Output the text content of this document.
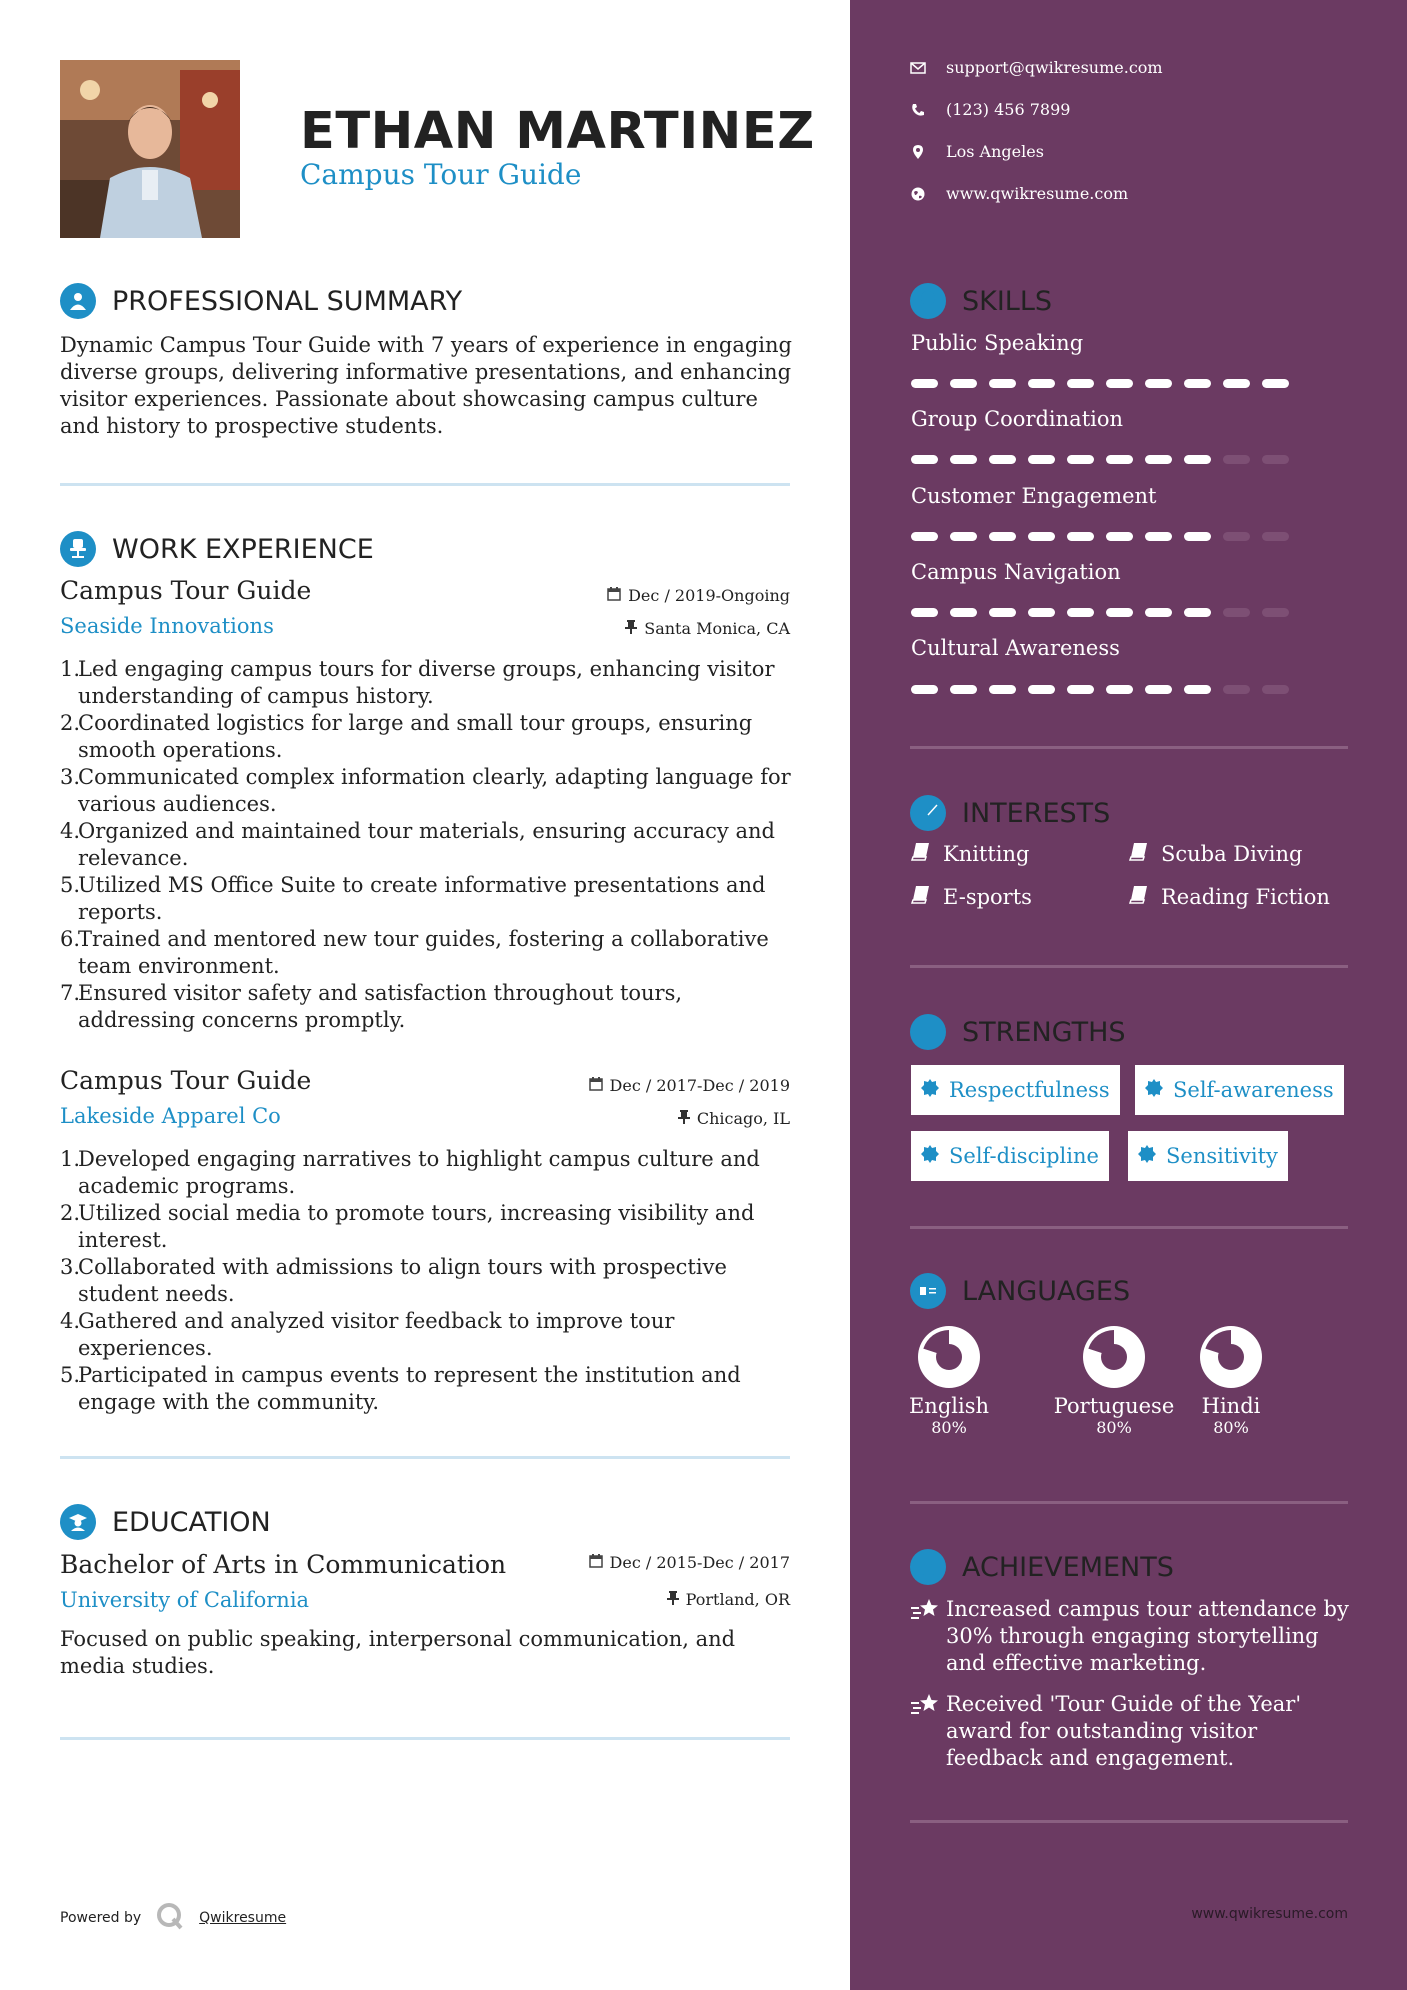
ETHAN MARTINEZ
Campus Tour Guide
PROFESSIONAL SUMMARY
Dynamic Campus Tour Guide with 7 years of experience in engaging diverse groups, delivering informative presentations, and enhancing visitor experiences. Passionate about showcasing campus culture and history to prospective students.
WORK EXPERIENCE
Campus Tour Guide	Dec / 2019-Ongoing
Seaside Innovations	Santa Monica, CA
1.
Led engaging campus tours for diverse groups, enhancing visitor understanding of campus history.
2.
Coordinated logistics for large and small tour groups, ensuring smooth operations.
3.
Communicated complex information clearly, adapting language for various audiences.
4.
Organized and maintained tour materials, ensuring accuracy and relevance.
5.
Utilized MS Office Suite to create informative presentations and reports.
6.
Trained and mentored new tour guides, fostering a collaborative team environment.
7.
Ensured visitor safety and satisfaction throughout tours, addressing concerns promptly.
Campus Tour Guide	Dec / 2017-Dec / 2019
Lakeside Apparel Co	Chicago, IL
1.
Developed engaging narratives to highlight campus culture and academic programs.
2.
Utilized social media to promote tours, increasing visibility and interest.
3.
Collaborated with admissions to align tours with prospective student needs.
4.
Gathered and analyzed visitor feedback to improve tour experiences.
5.
Participated in campus events to represent the institution and engage with the community.
EDUCATION
Bachelor of Arts in Communication	Dec / 2015-Dec / 2017
University of California	Portland, OR
Focused on public speaking, interpersonal communication, and media studies.
Powered by	Qwikresume
support@qwikresume.com
(123) 456 7899
Los Angeles
www.qwikresume.com
SKILLS
Public Speaking
Group Coordination
Customer Engagement
Campus Navigation
Cultural Awareness
INTERESTS
Knitting	Scuba Diving
E-sports	Reading Fiction
STRENGTHS
Respectfulness	Self-awareness
Self-discipline	Sensitivity
LANGUAGES
English
80%
Portuguese
80%
Hindi
80%
ACHIEVEMENTS
Increased campus tour attendance by 30% through engaging storytelling and effective marketing.
Received 'Tour Guide of the Year' award for outstanding visitor feedback and engagement.
www.qwikresume.com
